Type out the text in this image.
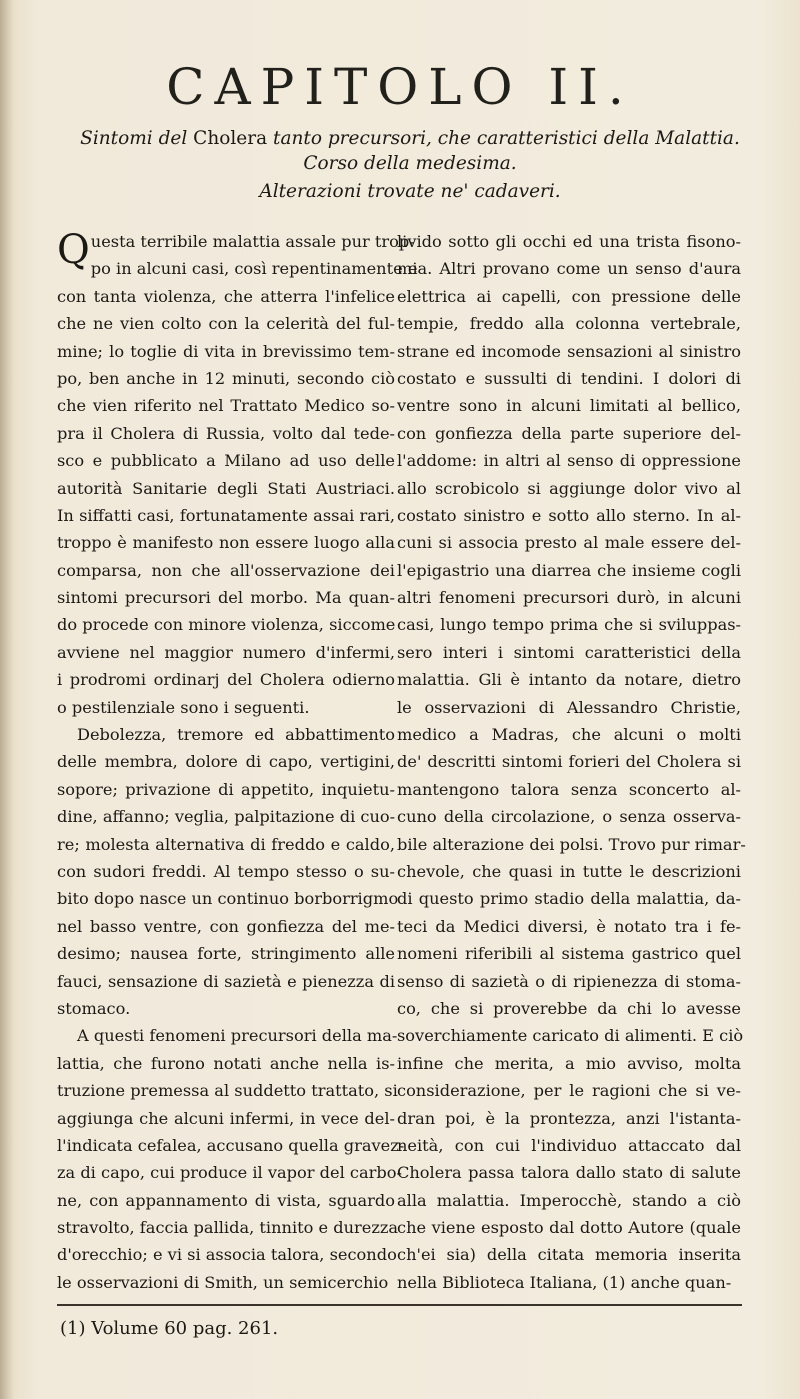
CAPITOLO II.
Sintomi del Cholera tanto precursori, che caratteristici della Malattia.
Corso della medesima.
Alterazioni trovate ne' cadaveri.
Q uesta terribile malattia assale pur trop-
po in alcuni casi, così repentinamente e
con tanta violenza, che atterra l'infelice
che ne vien colto con la celerità del ful-
mine; lo toglie di vita in brevissimo tem-
po, ben anche in 12 minuti, secondo ciò
che vien riferito nel Trattato Medico so-
pra il Cholera di Russia, volto dal tede-
sco e pubblicato a Milano ad uso delle
autorità Sanitarie degli Stati Austriaci.
In siffatti casi, fortunatamente assai rari,
troppo è manifesto non essere luogo alla
comparsa, non che all'osservazione dei
sintomi precursori del morbo. Ma quan-
do procede con minore violenza, siccome
avviene nel maggior numero d'infermi,
i prodromi ordinarj del Cholera odierno
o pestilenziale sono i seguenti.
Debolezza, tremore ed abbattimento
delle membra, dolore di capo, vertigini,
sopore; privazione di appetito, inquietu-
dine, affanno; veglia, palpitazione di cuo-
re; molesta alternativa di freddo e caldo,
con sudori freddi. Al tempo stesso o su-
bito dopo nasce un continuo borborrigmo
nel basso ventre, con gonfiezza del me-
desimo; nausea forte, stringimento alle
fauci, sensazione di sazietà e pienezza di
stomaco.
A questi fenomeni precursori della ma-
lattia, che furono notati anche nella is-
truzione premessa al suddetto trattato, si
aggiunga che alcuni infermi, in vece del-
l'indicata cefalea, accusano quella gravez-
za di capo, cui produce il vapor del carbo-
ne, con appannamento di vista, sguardo
stravolto, faccia pallida, tinnito e durezza
d'orecchio; e vi si associa talora, secondo
le osservazioni di Smith, un semicerchio
livido sotto gli occhi ed una trista fisono-
mia. Altri provano come un senso d'aura
elettrica ai capelli, con pressione delle
tempie, freddo alla colonna vertebrale,
strane ed incomode sensazioni al sinistro
costato e sussulti di tendini. I dolori di
ventre sono in alcuni limitati al bellico,
con gonfiezza della parte superiore del-
l'addome: in altri al senso di oppressione
allo scrobicolo si aggiunge dolor vivo al
costato sinistro e sotto allo sterno. In al-
cuni si associa presto al male essere del-
l'epigastrio una diarrea che insieme cogli
altri fenomeni precursori durò, in alcuni
casi, lungo tempo prima che si sviluppas-
sero interi i sintomi caratteristici della
malattia. Gli è intanto da notare, dietro
le osservazioni di Alessandro Christie,
medico a Madras, che alcuni o molti
de' descritti sintomi forieri del Cholera si
mantengono talora senza sconcerto al-
cuno della circolazione, o senza osserva-
bile alterazione dei polsi. Trovo pur rimar-
chevole, che quasi in tutte le descrizioni
di questo primo stadio della malattia, da-
teci da Medici diversi, è notato tra i fe-
nomeni riferibili al sistema gastrico quel
senso di sazietà o di ripienezza di stoma-
co, che si proverebbe da chi lo avesse
soverchiamente caricato di alimenti. E ciò
infine che merita, a mio avviso, molta
considerazione, per le ragioni che si ve-
dran poi, è la prontezza, anzi l'istanta-
neità, con cui l'individuo attaccato dal
Cholera passa talora dallo stato di salute
alla malattia. Imperocchè, stando a ciò
che viene esposto dal dotto Autore (quale
ch'ei sia) della citata memoria inserita
nella Biblioteca Italiana, (1) anche quan-
(1) Volume 60 pag. 261.
